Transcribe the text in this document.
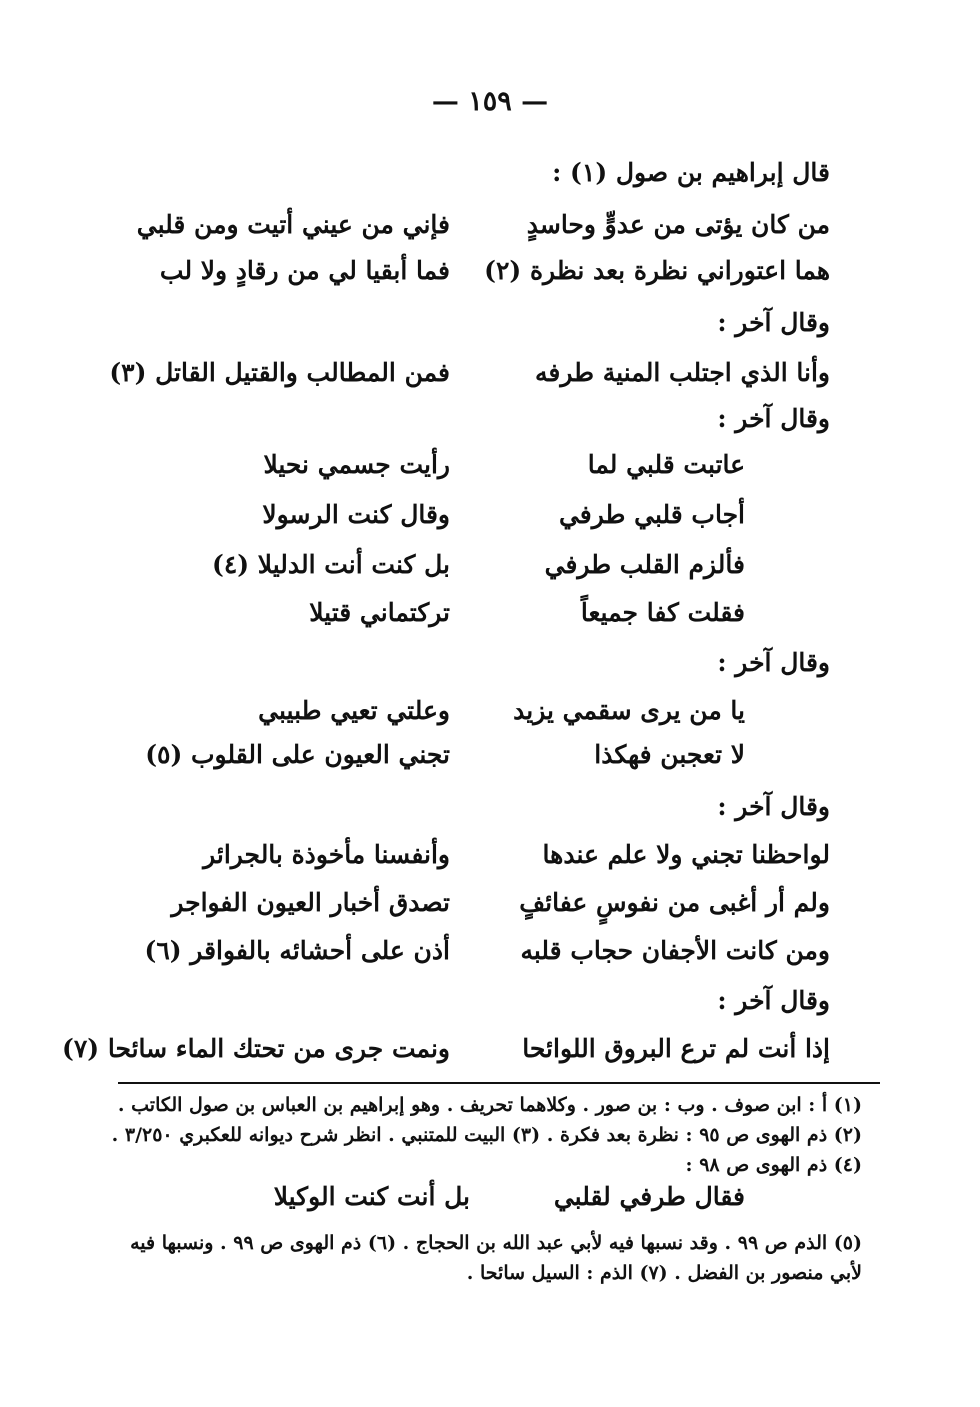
— ١٥٩ —
قال إبراهيم بن صول (١) :
من كان يؤتى من عدوٍّ وحاسدٍ
فإني من عيني أتيت ومن قلبي
هما اعتوراني نظرة بعد نظرة (٢)
فما أبقيا لي من رقادٍ ولا لب
وقال آخر :
وأنا الذي اجتلب المنية طرفه
فمن المطالب والقتيل القاتل (٣)
وقال آخر :
عاتبت قلبي لما
رأيت جسمي نحيلا
أجاب قلبي طرفي
وقال كنت الرسولا
فألزم القلب طرفي
بل كنت أنت الدليلا (٤)
فقلت كفا جميعاً
تركتماني قتيلا
وقال آخر :
يا من يرى سقمي يزيد
وعلتي تعيي طبيبي
لا تعجبن فهكذا
تجني العيون على القلوب (٥)
وقال آخر :
لواحظنا تجني ولا علم عندها
وأنفسنا مأخوذة بالجرائر
ولم أر أغبى من نفوسٍ عفائفٍ
تصدق أخبار العيون الفواجر
ومن كانت الأجفان حجاب قلبه
أذن على أحشائه بالفواقر (٦)
وقال آخر :
إذا أنت لم ترع البروق اللوائحا
ونمت جرى من تحتك الماء سائحا (٧)
(١) أ : ابن صوف . وب : بن صور . وكلاهما تحريف . وهو إبراهيم بن العباس بن صول الكاتب .
(٢) ذم الهوى ص ٩٥ : نظرة بعد فكرة . (٣) البيت للمتنبي . انظر شرح ديوانه للعكبري ٣/٢٥٠ .
(٤) ذم الهوى ص ٩٨ :
فقال طرفي لقلبي
بل أنت كنت الوكيلا
(٥) الذم ص ٩٩ . وقد نسبها فيه لأبي عبد الله بن الحجاج . (٦) ذم الهوى ص ٩٩ . ونسبها فيه
لأبي منصور بن الفضل . (٧) الذم : السيل سائحا .
